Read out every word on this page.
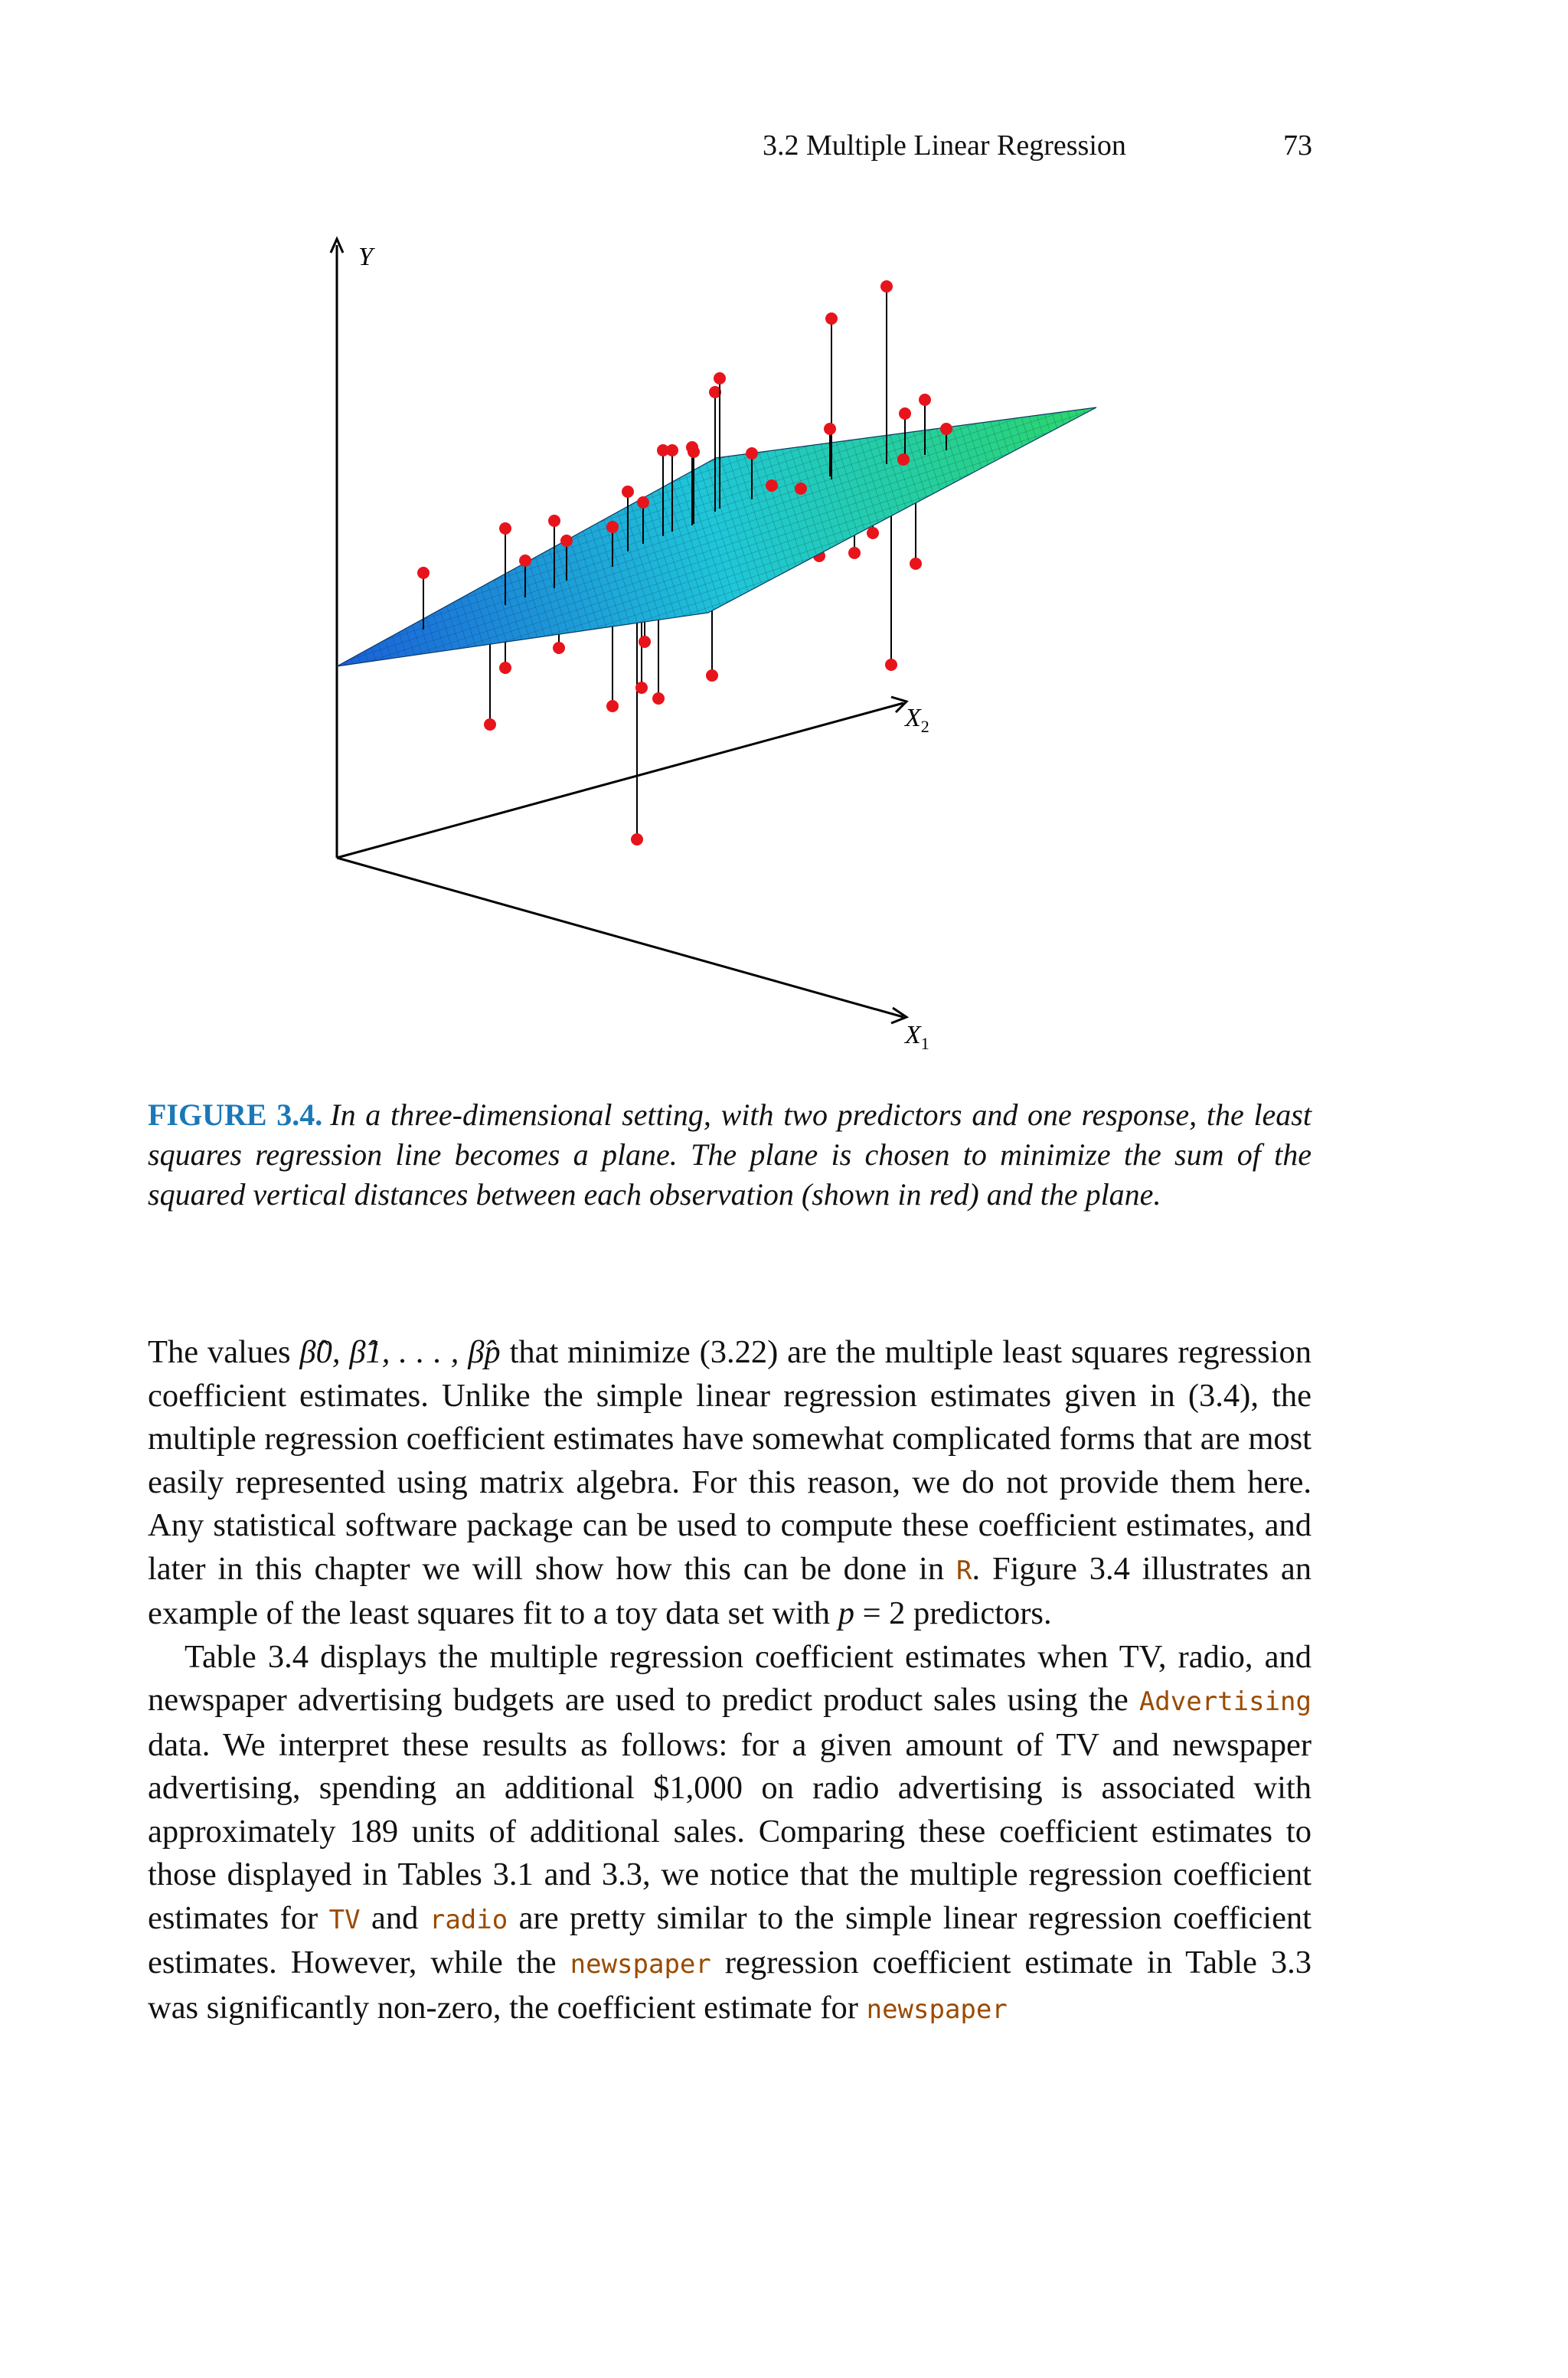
3.2 Multiple Linear Regression	73
Y
$X_2$
$X_1$
FIGURE 3.4. In a three-dimensional setting, with two predictors and one response, the least squares regression line becomes a plane. The plane is chosen to minimize the sum of the squared vertical distances between each observation (shown in red) and the plane.

The values β̂0, β̂1, . . . , β̂p that minimize (3.22) are the multiple least squares regression coefficient estimates. Unlike the simple linear regression estimates given in (3.4), the multiple regression coefficient estimates have somewhat complicated forms that are most easily represented using matrix algebra. For this reason, we do not provide them here. Any statistical software package can be used to compute these coefficient estimates, and later in this chapter we will show how this can be done in R. Figure 3.4 illustrates an example of the least squares fit to a toy data set with p = 2 predictors.

Table 3.4 displays the multiple regression coefficient estimates when TV, radio, and newspaper advertising budgets are used to predict product sales using the Advertising data. We interpret these results as follows: for a given amount of TV and newspaper advertising, spending an additional $1,000 on radio advertising is associated with approximately 189 units of additional sales. Comparing these coefficient estimates to those displayed in Tables 3.1 and 3.3, we notice that the multiple regression coefficient estimates for TV and radio are pretty similar to the simple linear regression coefficient estimates. However, while the newspaper regression coefficient estimate in Table 3.3 was significantly non-zero, the coefficient estimate for newspaper
